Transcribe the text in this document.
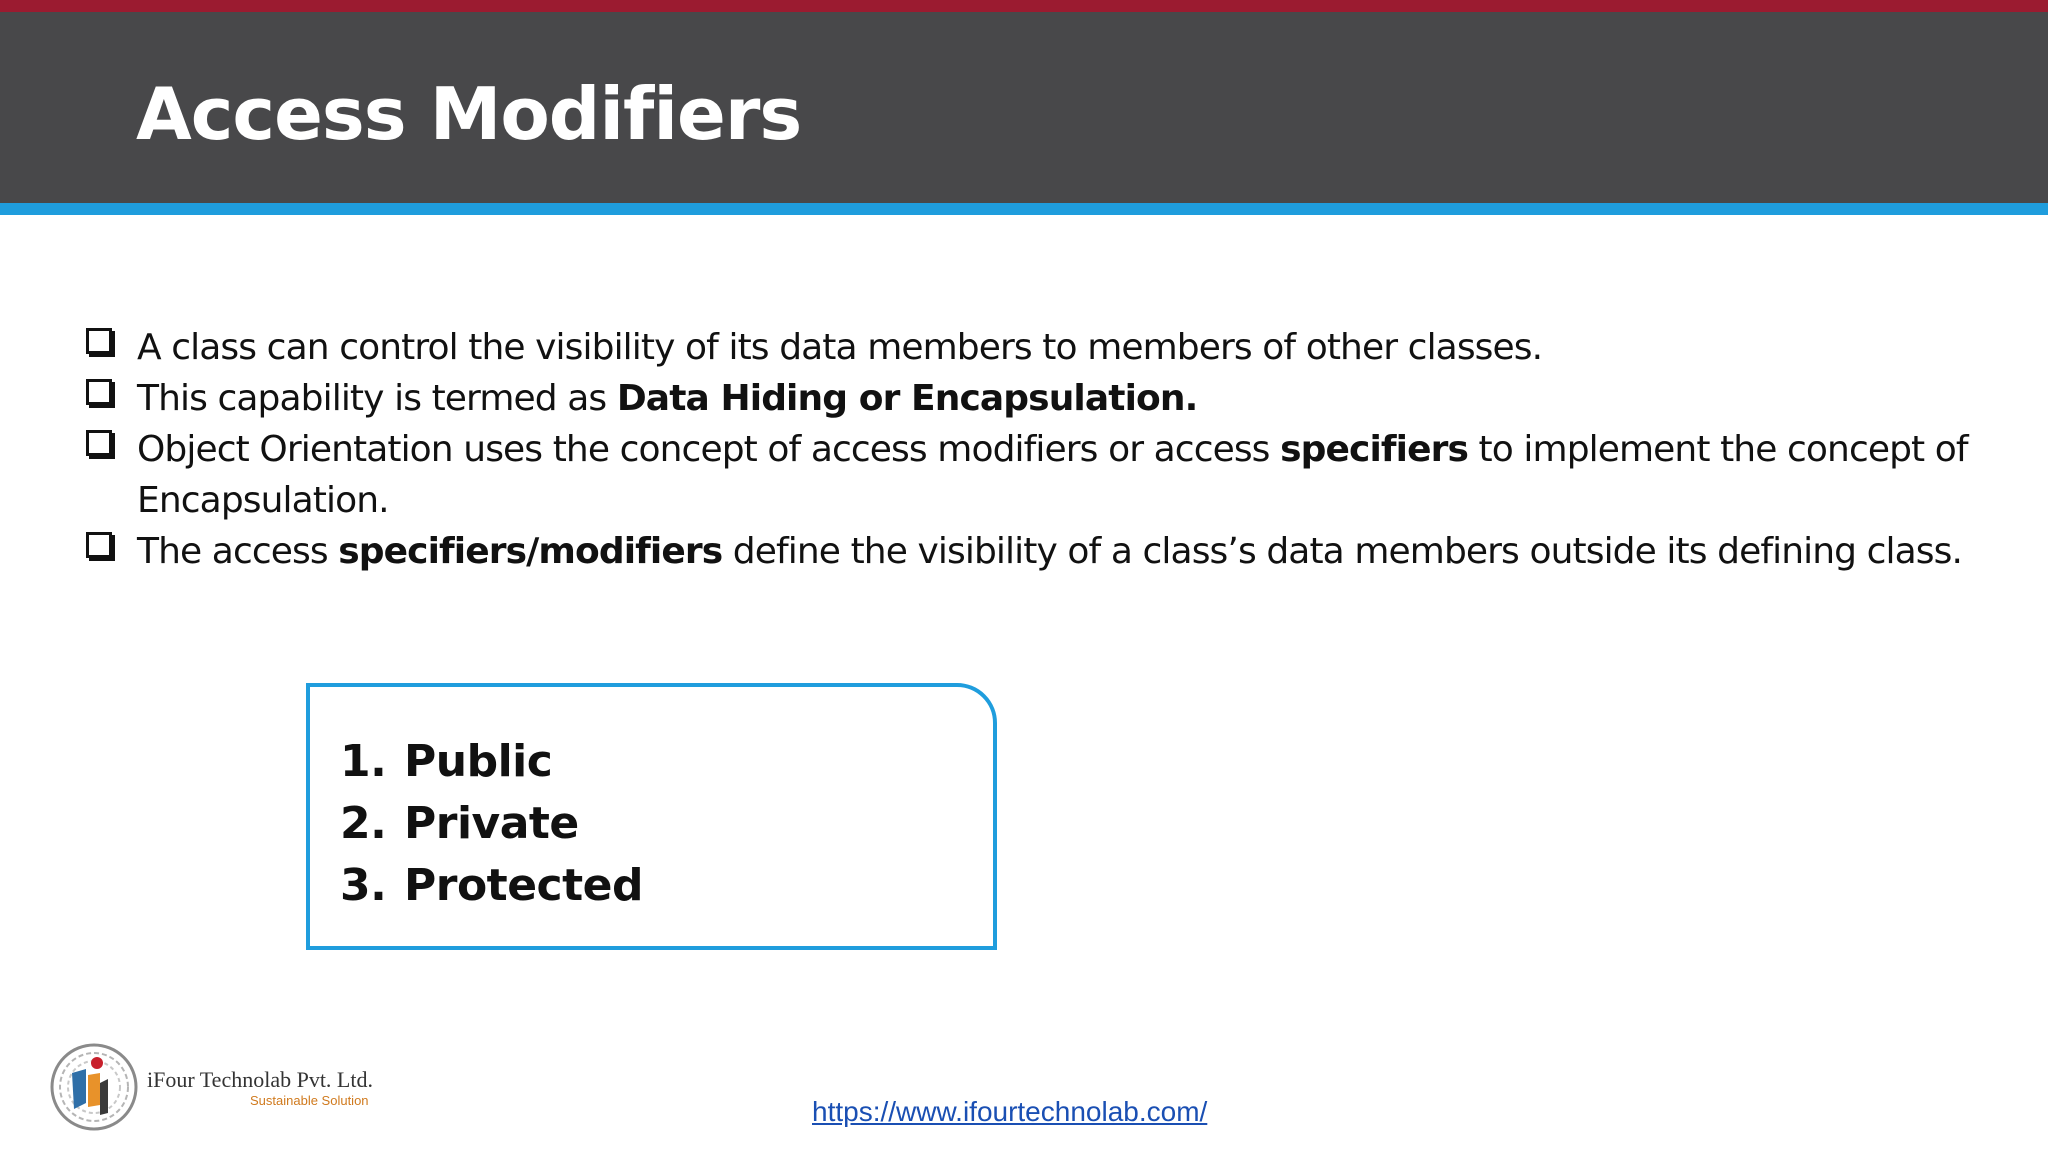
Access Modifiers
A class can control the visibility of its data members to members of other classes.
This capability is termed as Data Hiding or Encapsulation.
Object Orientation uses the concept of access modifiers or access specifiers to implement the concept of Encapsulation.
The access specifiers/modifiers define the visibility of a class’s data members outside its defining class.
1. Public
2. Private
3. Protected
iFour Technolab Pvt. Ltd.
Sustainable Solution	https://www.ifourtechnolab.com/
